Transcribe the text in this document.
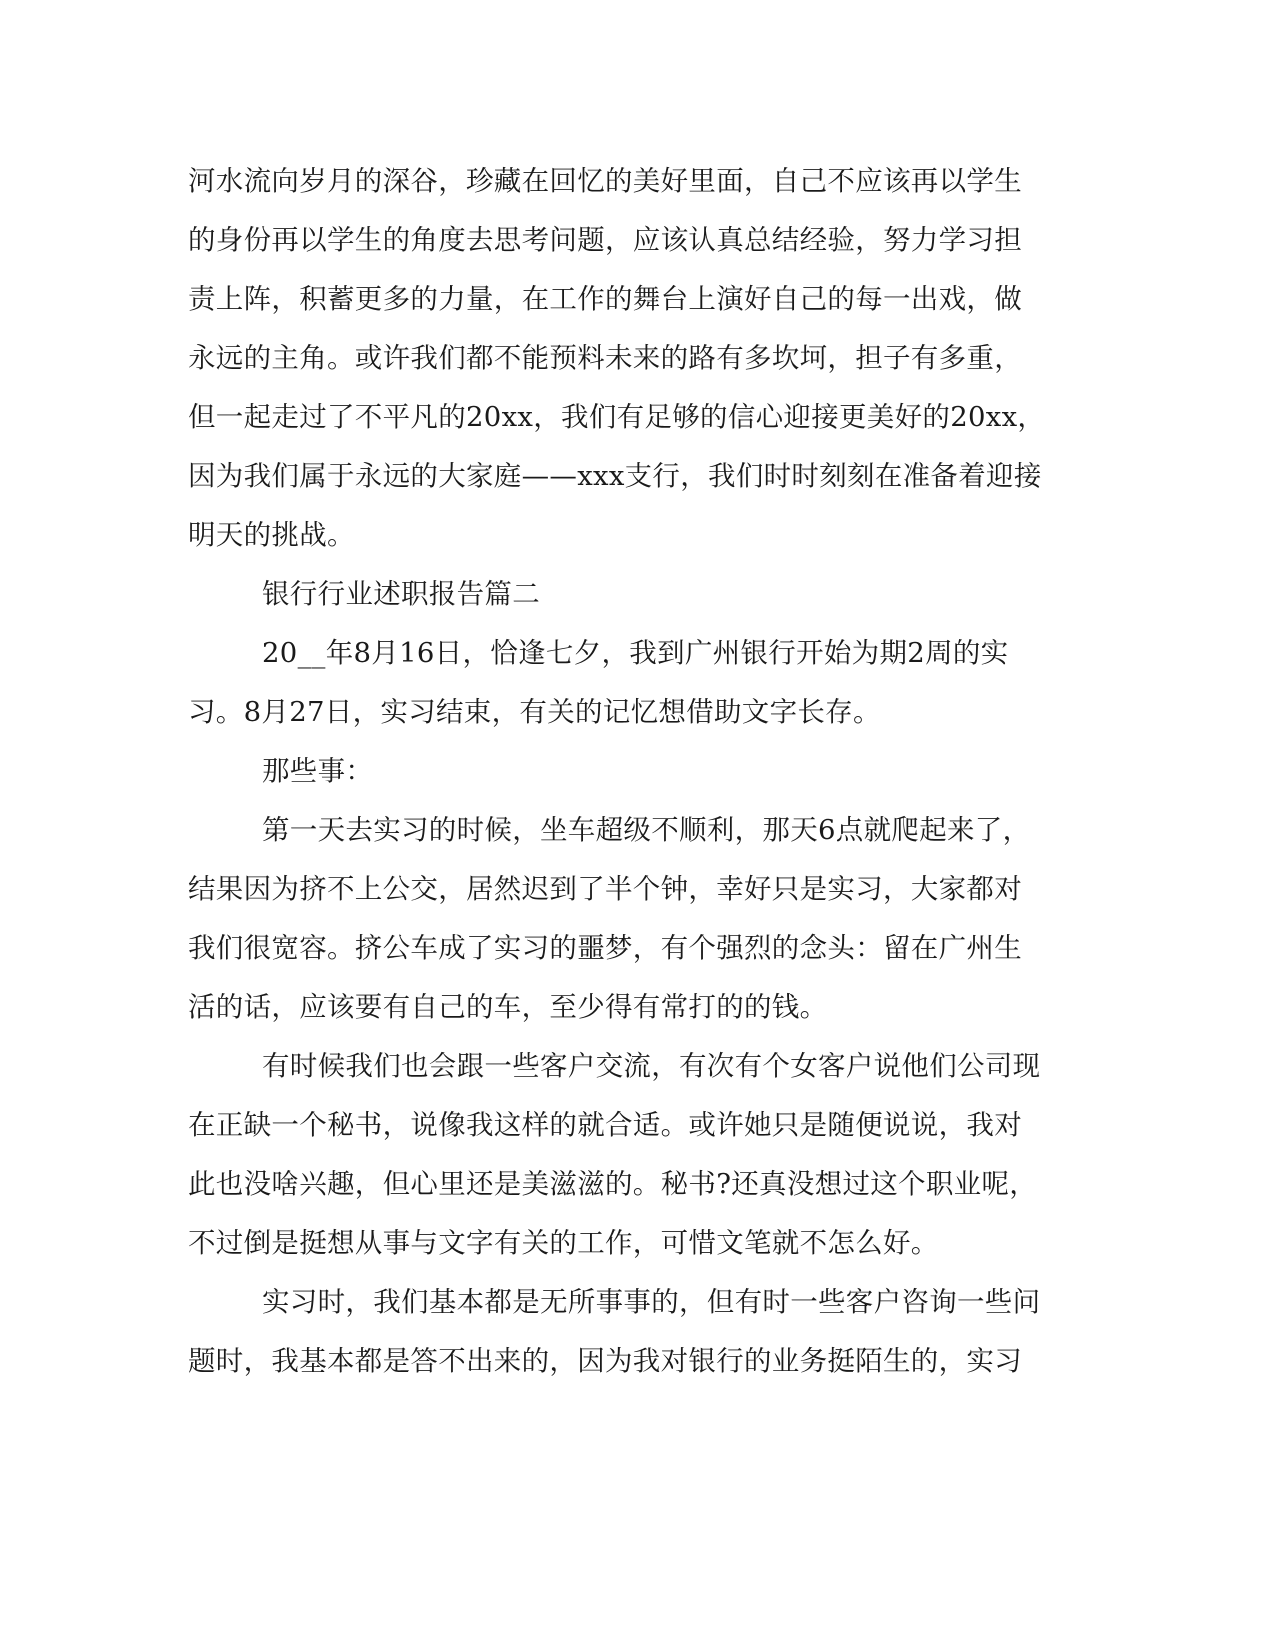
河水流向岁月的深谷，珍藏在回忆的美好里面，自己不应该再以学生
的身份再以学生的角度去思考问题，应该认真总结经验，努力学习担
责上阵，积蓄更多的力量，在工作的舞台上演好自己的每一出戏，做
永远的主角。或许我们都不能预料未来的路有多坎坷，担子有多重，
但一起走过了不平凡的20xx，我们有足够的信心迎接更美好的20xx，
因为我们属于永远的大家庭——xxx支行，我们时时刻刻在准备着迎接
明天的挑战。
银行行业述职报告篇二
20__年8月16日，恰逢七夕，我到广州银行开始为期2周的实
习。8月27日，实习结束，有关的记忆想借助文字长存。
那些事：
第一天去实习的时候，坐车超级不顺利，那天6点就爬起来了，
结果因为挤不上公交，居然迟到了半个钟，幸好只是实习，大家都对
我们很宽容。挤公车成了实习的噩梦，有个强烈的念头：留在广州生
活的话，应该要有自己的车，至少得有常打的的钱。
有时候我们也会跟一些客户交流，有次有个女客户说他们公司现
在正缺一个秘书，说像我这样的就合适。或许她只是随便说说，我对
此也没啥兴趣，但心里还是美滋滋的。秘书?还真没想过这个职业呢，
不过倒是挺想从事与文字有关的工作，可惜文笔就不怎么好。
实习时，我们基本都是无所事事的，但有时一些客户咨询一些问
题时，我基本都是答不出来的，因为我对银行的业务挺陌生的，实习
